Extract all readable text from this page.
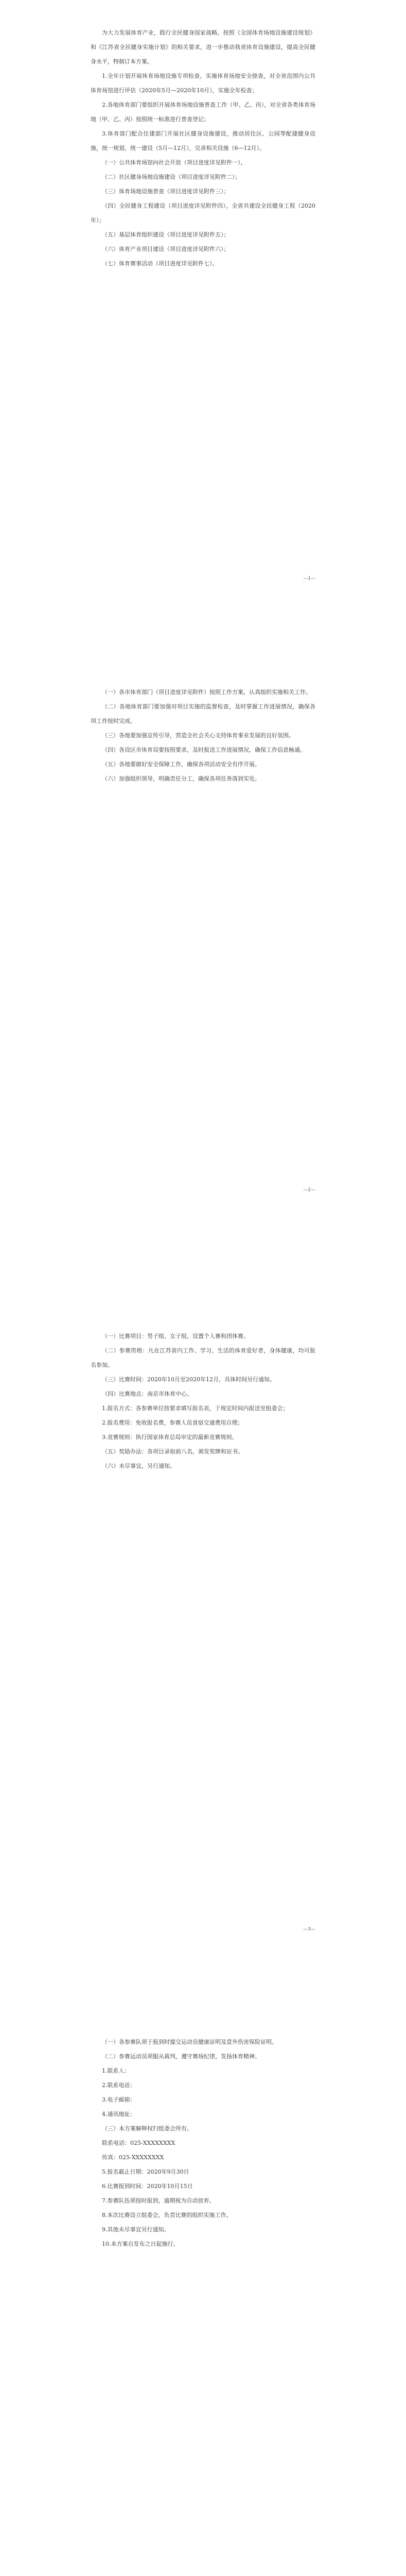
为大力发展体育产业，践行全民健身国家战略，按照《全国体育场地设施建设规划》和《江苏省全民健身实施计划》的相关要求，进一步推动我省体育设施建设，提高全民健身水平，特制订本方案。

1.全年计划开展体育场地设施专项检查，实施体育场地安全排查，对全省范围内公共体育场馆进行评估（2020年5月—2020年10月），实施全年检查；

2.各地体育部门要组织开展体育场地设施普查工作（甲、乙、丙），对全省各类体育场地（甲、乙、丙）按照统一标准进行普查登记；

3.体育部门配合住建部门开展社区健身设施建设，推动居住区、公园等配建健身设施，统一规划、统一建设（5月—12月），完善相关设施（6—12月）。

（一）公共体育场馆向社会开放（项目进度详见附件一），

（二）社区健身场地设施建设（项目进度详见附件二）；

（三）体育场地设施普查（项目进度详见附件三）；

（四）全民健身工程建设（项目进度详见附件四），全省共建设全民健身工程（2020年）；

（五）基层体育组织建设（项目进度详见附件五）；

（六）体育产业项目建设（项目进度详见附件六）；

（七）体育赛事活动（项目进度详见附件七）。

—1—

（一）各市体育部门（项目进度详见附件）按照工作方案，认真组织实施相关工作。

（二）各地体育部门要加强对项目实施的监督检查，及时掌握工作进展情况，确保各项工作按时完成。

（三）各地要加强宣传引导，营造全社会关心支持体育事业发展的良好氛围。

（四）各设区市体育局要按照要求，及时报送工作进展情况，确保工作信息畅通。

（五）各地要做好安全保障工作，确保各项活动安全有序开展。

（六）加强组织领导，明确责任分工，确保各项任务落到实处。

—2—

（一）比赛项目：男子组、女子组，设置个人赛和团体赛。

（二）参赛资格：凡在江苏省内工作、学习、生活的体育爱好者，身体健康，均可报名参加。

（三）比赛时间：2020年10月至2020年12月，具体时间另行通知。

（四）比赛地点：南京市体育中心。

1.报名方式：各参赛单位按要求填写报名表，于规定时间内报送至组委会；

2.报名费用：免收报名费，参赛人员食宿交通费用自理；

3.竞赛规则：执行国家体育总局审定的最新竞赛规则。

（五）奖励办法：各项目录取前八名，颁发奖牌和证书。

（六）未尽事宜，另行通知。

—3—

（一）各参赛队须于报到时提交运动员健康证明及意外伤害保险证明。

（二）参赛运动员须服从裁判，遵守赛场纪律，发扬体育精神。

1.联系人：

2.联系电话：

3.电子邮箱：

4.通讯地址：

（三）本方案解释权归组委会所有。

联系电话：025-XXXXXXXX

传真：025-XXXXXXXX

5.报名截止日期：2020年9月30日

6.比赛报到时间：2020年10月15日

7.参赛队伍须按时报到，逾期视为自动放弃。

8.本次比赛设立组委会，负责比赛的组织实施工作。

9.其他未尽事宜另行通知。

10.本方案自发布之日起施行。
